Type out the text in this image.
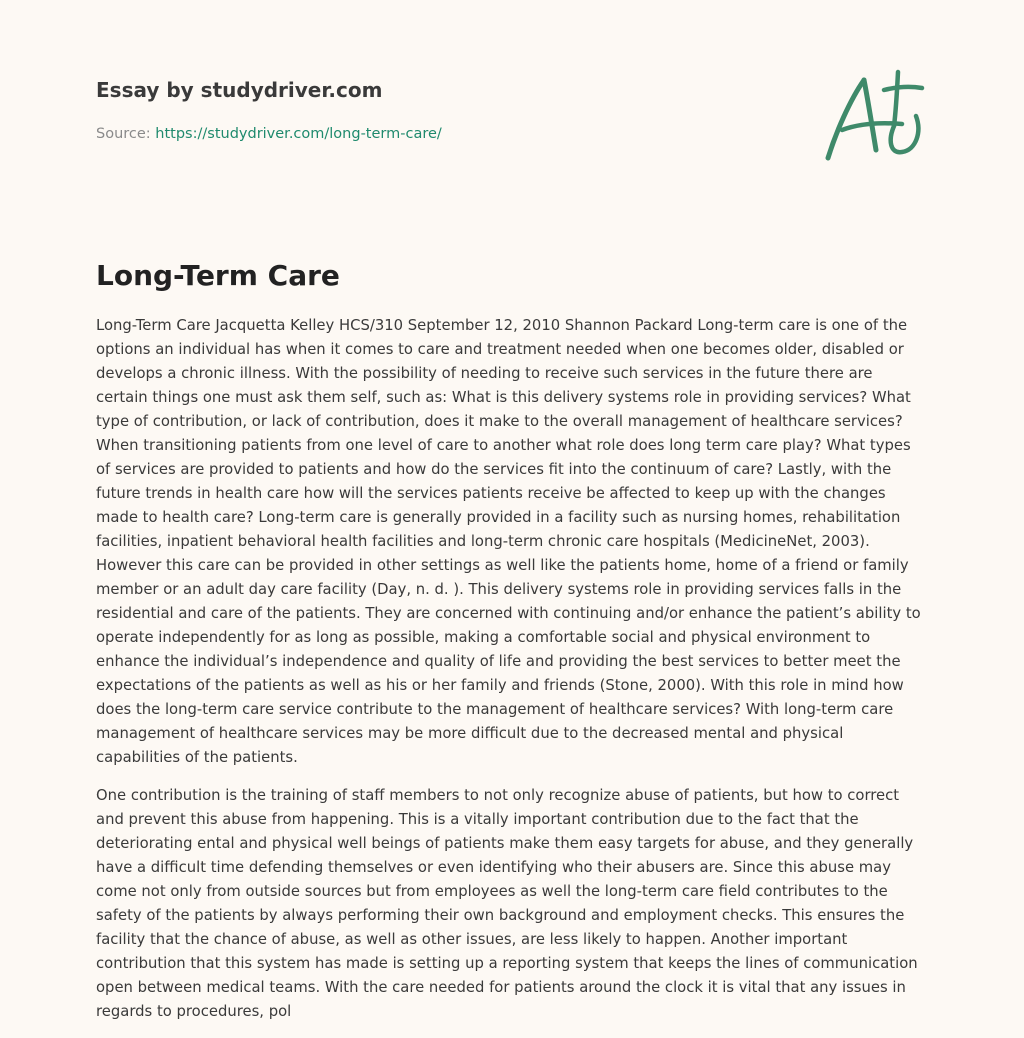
Essay by studydriver.com
Source: https://studydriver.com/long-term-care/
Long-Term Care

Long-Term Care Jacquetta Kelley HCS/310 September 12, 2010 Shannon Packard Long-term care is one of the options an individual has when it comes to care and treatment needed when one becomes older, disabled or develops a chronic illness. With the possibility of needing to receive such services in the future there are certain things one must ask them self, such as: What is this delivery systems role in providing services? What type of contribution, or lack of contribution, does it make to the overall management of healthcare services? When transitioning patients from one level of care to another what role does long term care play? What types of services are provided to patients and how do the services fit into the continuum of care? Lastly, with the future trends in health care how will the services patients receive be affected to keep up with the changes made to health care? Long-term care is generally provided in a facility such as nursing homes, rehabilitation facilities, inpatient behavioral health facilities and long-term chronic care hospitals (MedicineNet, 2003). However this care can be provided in other settings as well like the patients home, home of a friend or family member or an adult day care facility (Day, n. d. ). This delivery systems role in providing services falls in the residential and care of the patients. They are concerned with continuing and/or enhance the patient’s ability to operate independently for as long as possible, making a comfortable social and physical environment to enhance the individual’s independence and quality of life and providing the best services to better meet the expectations of the patients as well as his or her family and friends (Stone, 2000). With this role in mind how does the long-term care service contribute to the management of healthcare services? With long-term care management of healthcare services may be more difficult due to the decreased mental and physical capabilities of the patients.

One contribution is the training of staff members to not only recognize abuse of patients, but how to correct and prevent this abuse from happening. This is a vitally important contribution due to the fact that the deteriorating ental and physical well beings of patients make them easy targets for abuse, and they generally have a difficult time defending themselves or even identifying who their abusers are. Since this abuse may come not only from outside sources but from employees as well the long-term care field contributes to the safety of the patients by always performing their own background and employment checks. This ensures the facility that the chance of abuse, as well as other issues, are less likely to happen. Another important contribution that this system has made is setting up a reporting system that keeps the lines of communication open between medical teams. With the care needed for patients around the clock it is vital that any issues in regards to procedures, pol
